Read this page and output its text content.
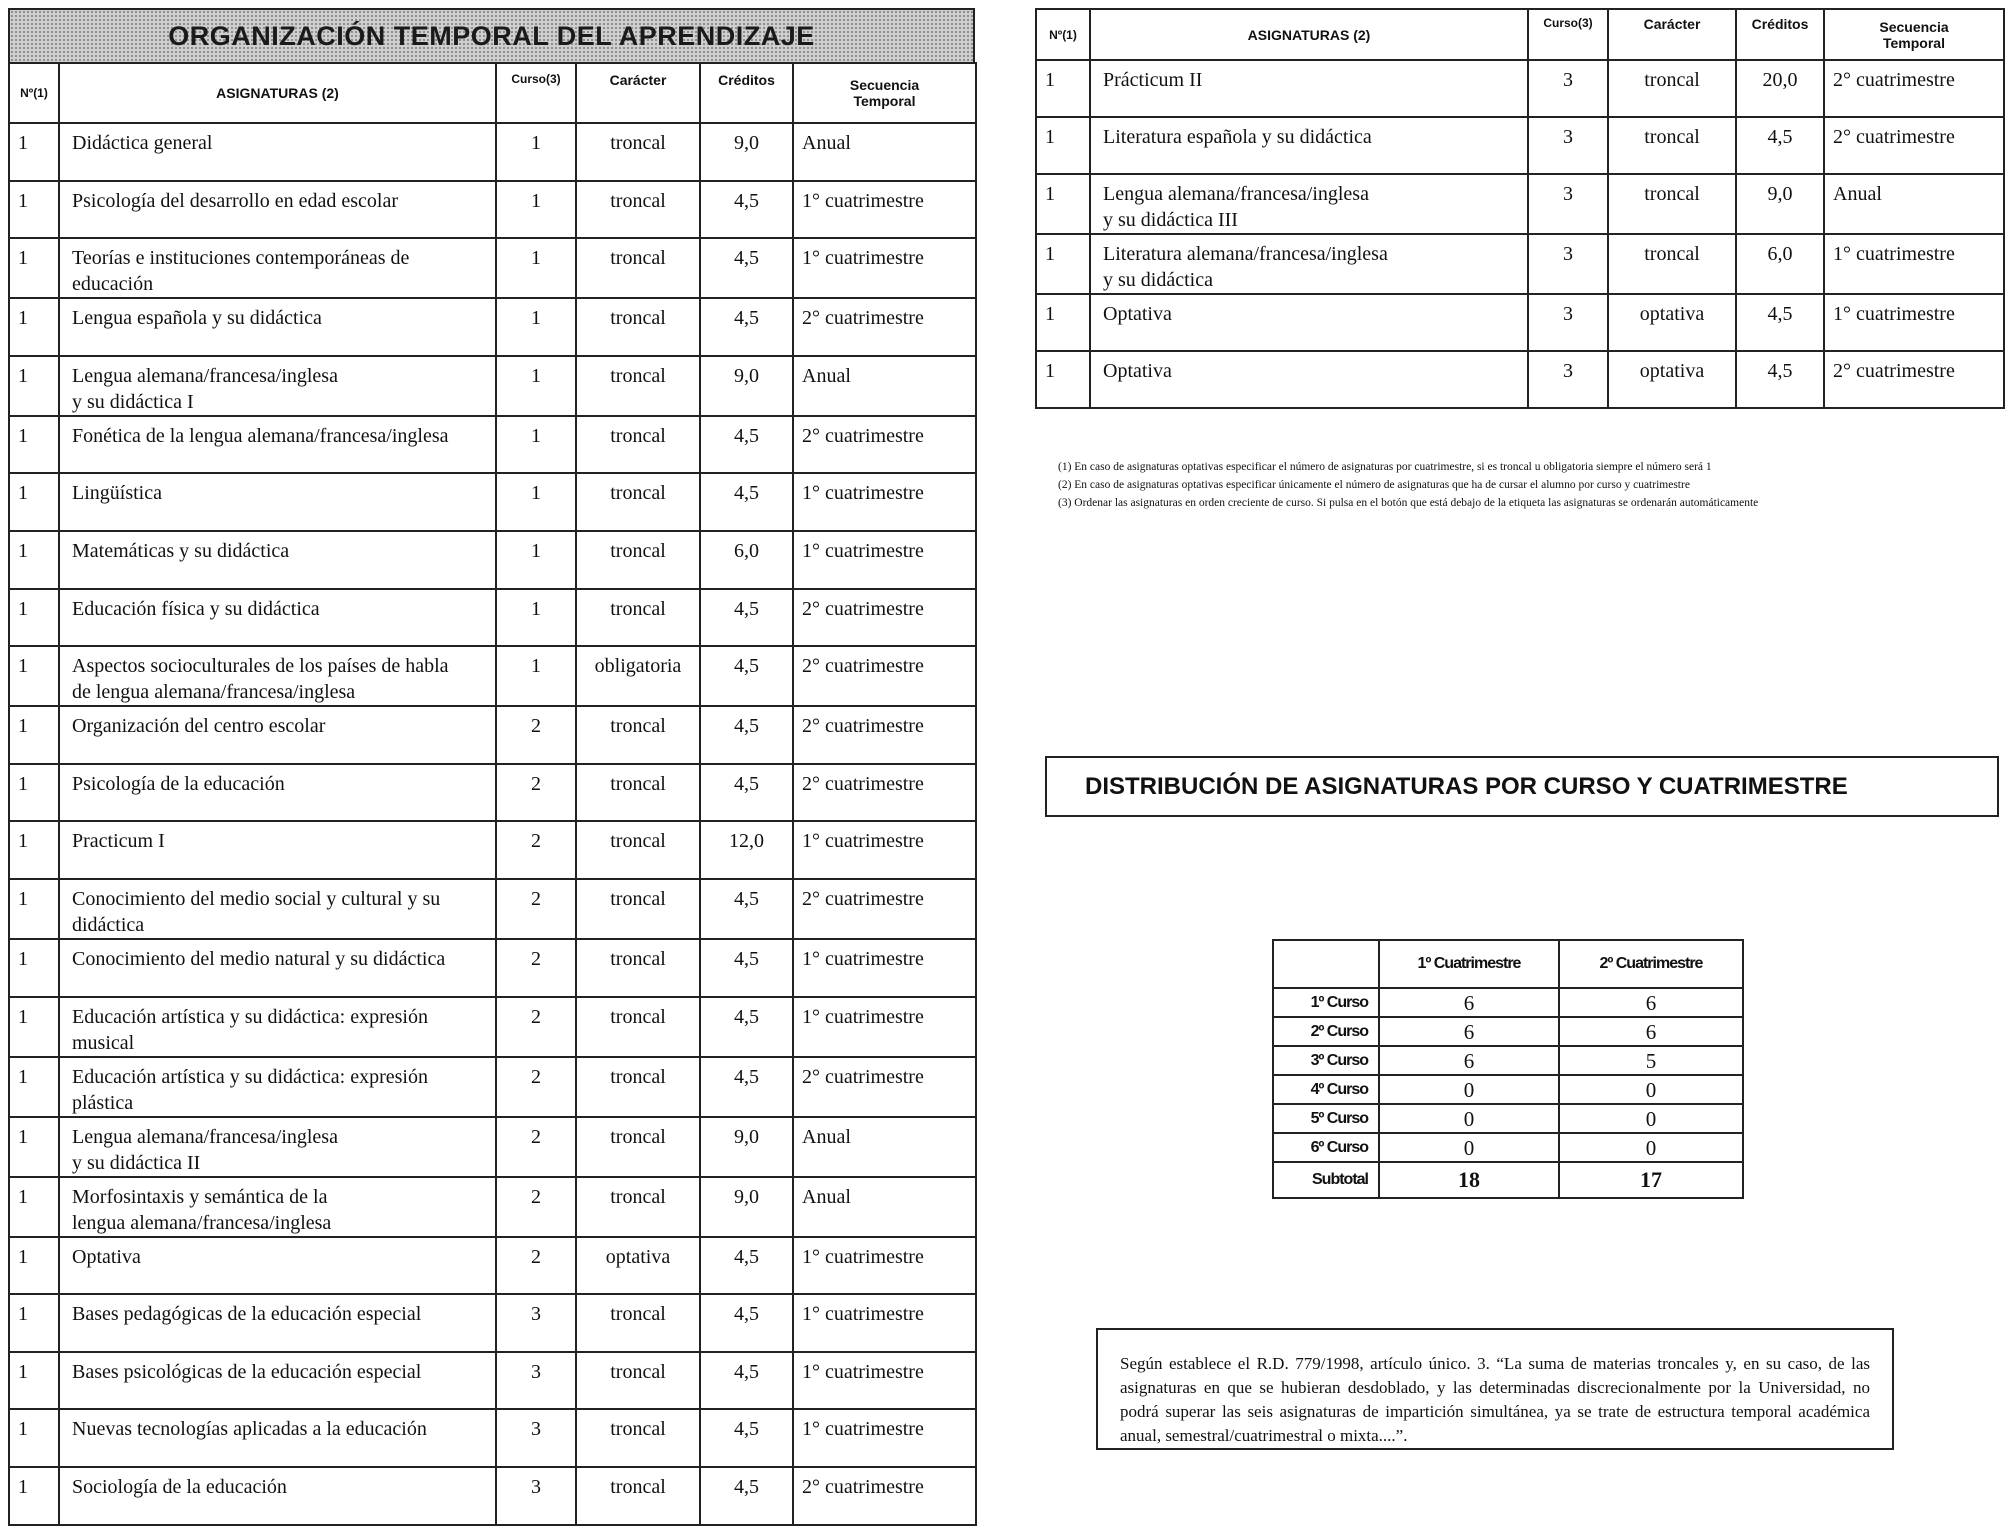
ORGANIZACIÓN TEMPORAL DEL APRENDIZAJE
Nº(1)	ASIGNATURAS (2)	Curso(3)	Carácter	Créditos	Secuencia
Temporal
1	Didáctica general	1	troncal	9,0	Anual
1	Psicología del desarrollo en edad escolar	1	troncal	4,5	1° cuatrimestre
1	Teorías e instituciones contemporáneas de
educación	1	troncal	4,5	1° cuatrimestre
1	Lengua española y su didáctica	1	troncal	4,5	2° cuatrimestre
1	Lengua alemana/francesa/inglesa
y su didáctica I	1	troncal	9,0	Anual
1	Fonética de la lengua alemana/francesa/inglesa	1	troncal	4,5	2° cuatrimestre
1	Lingüística	1	troncal	4,5	1° cuatrimestre
1	Matemáticas y su didáctica	1	troncal	6,0	1° cuatrimestre
1	Educación física y su didáctica	1	troncal	4,5	2° cuatrimestre
1	Aspectos socioculturales de los países de habla
de lengua alemana/francesa/inglesa	1	obligatoria	4,5	2° cuatrimestre
1	Organización del centro escolar	2	troncal	4,5	2° cuatrimestre
1	Psicología de la educación	2	troncal	4,5	2° cuatrimestre
1	Practicum I	2	troncal	12,0	1° cuatrimestre
1	Conocimiento del medio social y cultural y su
didáctica	2	troncal	4,5	2° cuatrimestre
1	Conocimiento del medio natural y su didáctica	2	troncal	4,5	1° cuatrimestre
1	Educación artística y su didáctica: expresión
musical	2	troncal	4,5	1° cuatrimestre
1	Educación artística y su didáctica: expresión
plástica	2	troncal	4,5	2° cuatrimestre
1	Lengua alemana/francesa/inglesa
y su didáctica II	2	troncal	9,0	Anual
1	Morfosintaxis y semántica de la
lengua alemana/francesa/inglesa	2	troncal	9,0	Anual
1	Optativa	2	optativa	4,5	1° cuatrimestre
1	Bases pedagógicas de la educación especial	3	troncal	4,5	1° cuatrimestre
1	Bases psicológicas de la educación especial	3	troncal	4,5	1° cuatrimestre
1	Nuevas tecnologías aplicadas a la educación	3	troncal	4,5	1° cuatrimestre
1	Sociología de la educación	3	troncal	4,5	2° cuatrimestre
Nº(1)	ASIGNATURAS (2)	Curso(3)	Carácter	Créditos	Secuencia
Temporal
1	Prácticum II	3	troncal	20,0	2° cuatrimestre
1	Literatura española y su didáctica	3	troncal	4,5	2° cuatrimestre
1	Lengua alemana/francesa/inglesa
y su didáctica III	3	troncal	9,0	Anual
1	Literatura alemana/francesa/inglesa
y su didáctica	3	troncal	6,0	1° cuatrimestre
1	Optativa	3	optativa	4,5	1° cuatrimestre
1	Optativa	3	optativa	4,5	2° cuatrimestre
(1) En caso de asignaturas optativas especificar el número de asignaturas por cuatrimestre, si es troncal u obligatoria siempre el número será 1
(2) En caso de asignaturas optativas especificar únicamente el número de asignaturas que ha de cursar el alumno por curso y cuatrimestre
(3) Ordenar las asignaturas en orden creciente de curso. Si pulsa en el botón que está debajo de la etiqueta las asignaturas se ordenarán automáticamente
DISTRIBUCIÓN DE ASIGNATURAS POR CURSO Y CUATRIMESTRE
	1º Cuatrimestre	2º Cuatrimestre
1º Curso	6	6
2º Curso	6	6
3º Curso	6	5
4º Curso	0	0
5º Curso	0	0
6º Curso	0	0
Subtotal	18	17
Según establece el R.D. 779/1998, artículo único. 3. “La suma de materias troncales y, en su caso, de las asignaturas en que se hubieran desdoblado, y las determinadas discrecionalmente por la Universidad, no podrá superar las seis asignaturas de impartición simultánea, ya se trate de estructura temporal académica anual, semestral/cuatrimestral o mixta....”.
